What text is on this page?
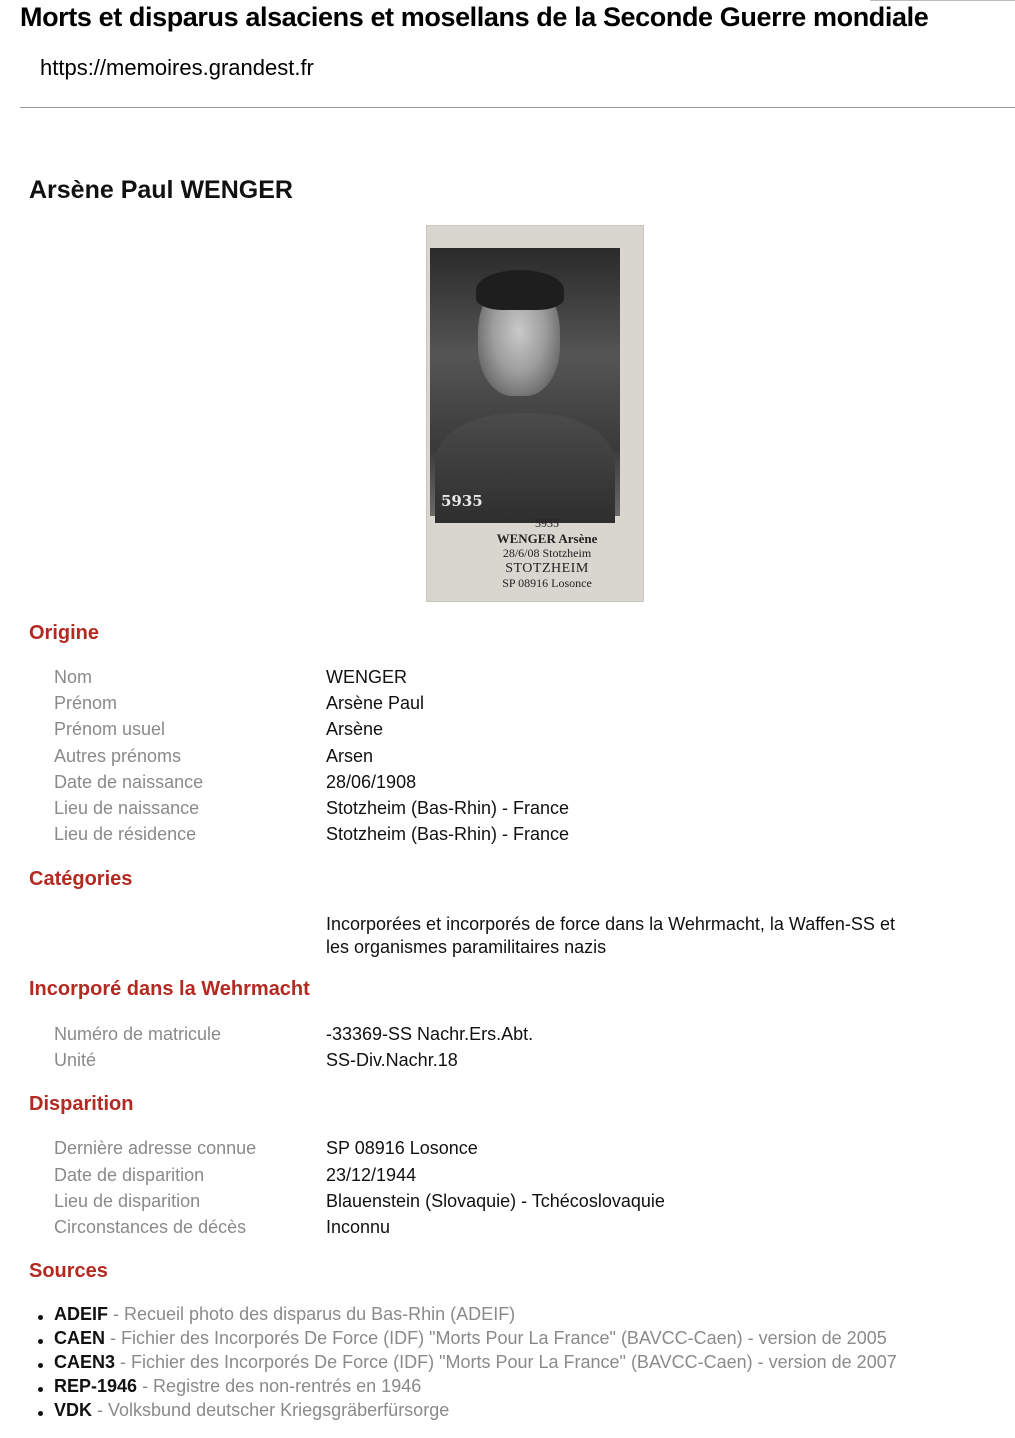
Morts et disparus alsaciens et mosellans de la Seconde Guerre mondiale
https://memoires.grandest.fr
Arsène Paul WENGER
5935
5935
WENGER Arsène
28/6/08 Stotzheim
STOTZHEIM
SP 08916 Losonce
Origine
Nom	WENGER
Prénom	Arsène Paul
Prénom usuel	Arsène
Autres prénoms	Arsen
Date de naissance	28/06/1908
Lieu de naissance	Stotzheim (Bas-Rhin) - France
Lieu de résidence	Stotzheim (Bas-Rhin) - France
Catégories
Incorporées et incorporés de force dans la Wehrmacht, la Waffen-SS et les organismes paramilitaires nazis
Incorporé dans la Wehrmacht
Numéro de matricule	-33369-SS Nachr.Ers.Abt.
Unité	SS-Div.Nachr.18
Disparition
Dernière adresse connue	SP 08916 Losonce
Date de disparition	23/12/1944
Lieu de disparition	Blauenstein (Slovaquie) - Tchécoslovaquie
Circonstances de décès	Inconnu
Sources
ADEIF - Recueil photo des disparus du Bas-Rhin (ADEIF)
CAEN - Fichier des Incorporés De Force (IDF) "Morts Pour La France" (BAVCC-Caen) - version de 2005
CAEN3 - Fichier des Incorporés De Force (IDF) "Morts Pour La France" (BAVCC-Caen) - version de 2007
REP-1946 - Registre des non-rentrés en 1946
VDK - Volksbund deutscher Kriegsgräberfürsorge
